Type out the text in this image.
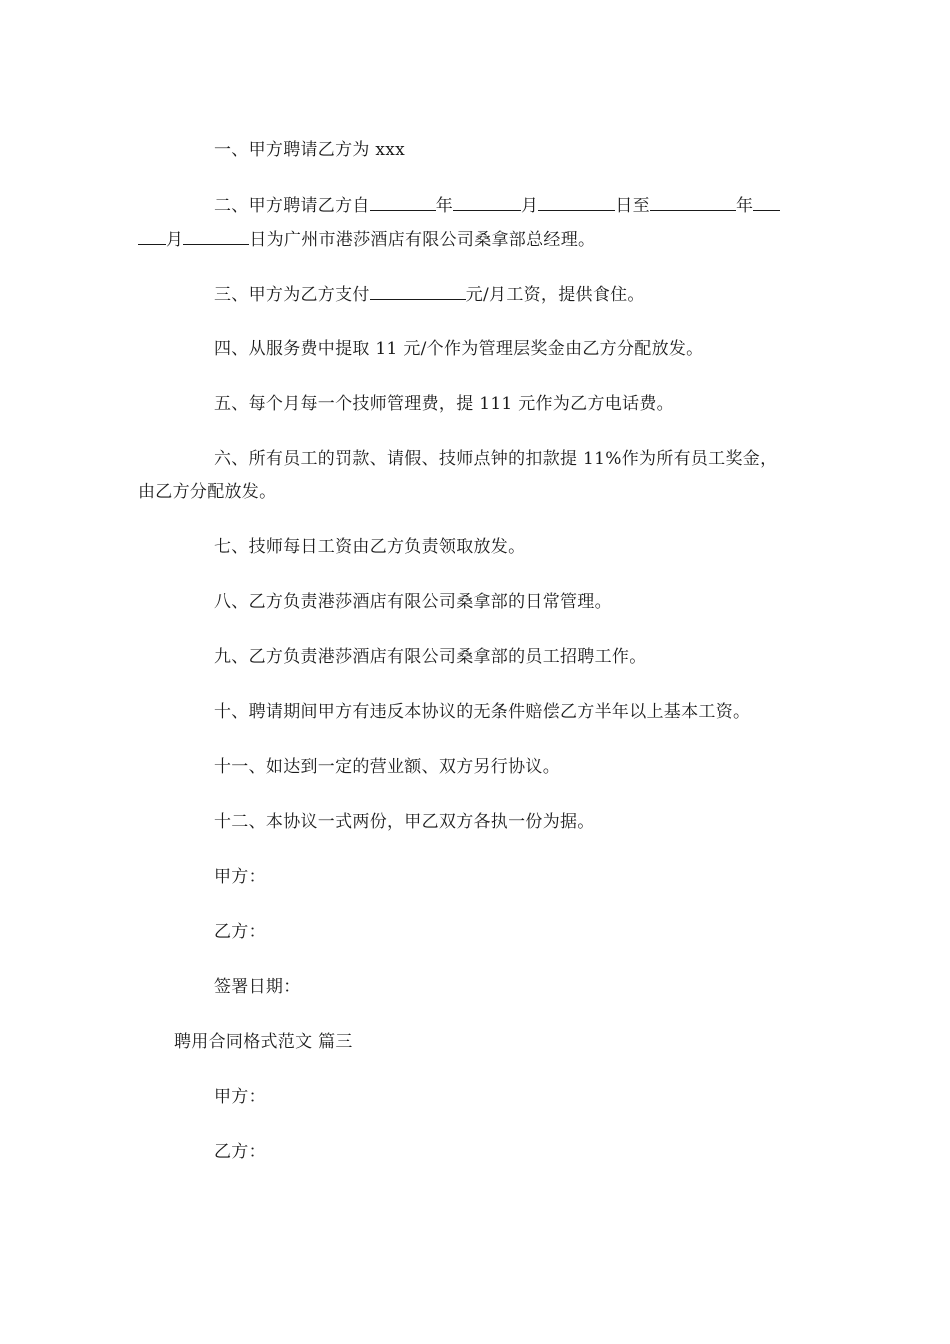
一、甲方聘请乙方为 xxx
二、甲方聘请乙方自	年	月	日至	年
月	日为广州市港莎酒店有限公司桑拿部总经理。
三、甲方为乙方支付	元/月工资，提供食住。
四、从服务费中提取 11 元/个作为管理层奖金由乙方分配放发。
五、每个月每一个技师管理费，提 111 元作为乙方电话费。
六、所有员工的罚款、请假、技师点钟的扣款提 11%作为所有员工奖金，
由乙方分配放发。
七、技师每日工资由乙方负责领取放发。
八、乙方负责港莎酒店有限公司桑拿部的日常管理。
九、乙方负责港莎酒店有限公司桑拿部的员工招聘工作。
十、聘请期间甲方有违反本协议的无条件赔偿乙方半年以上基本工资。
十一、如达到一定的营业额、双方另行协议。
十二、本协议一式两份，甲乙双方各执一份为据。
甲方：
乙方：
签署日期：
聘用合同格式范文 篇三
甲方：
乙方：
